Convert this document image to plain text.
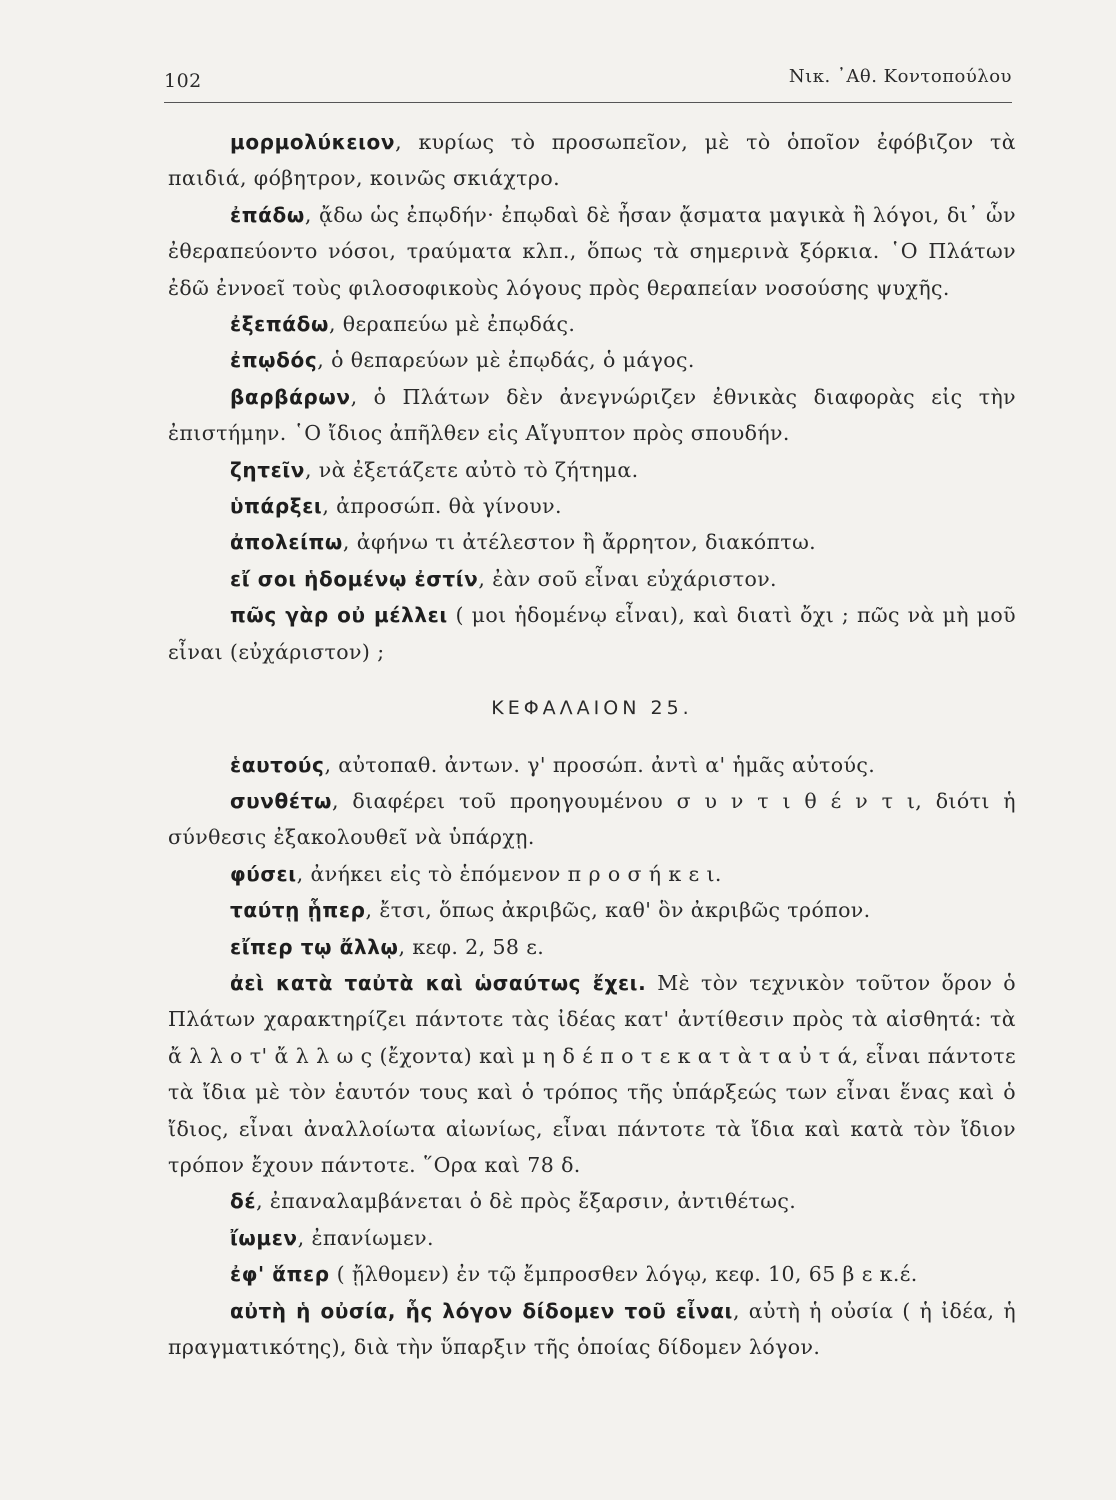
102	Νικ. ᾿Αθ. Κοντοπούλου
μορμολύκειον, κυρίως τὸ προσωπεῖον, μὲ τὸ ὁποῖον ἐφόβιζον τὰ παιδιά, φόβητρον, κοινῶς σκιάχτρο.
ἐπάδω, ᾄδω ὡς ἐπῳδήν· ἐπῳδαὶ δὲ ἦσαν ᾄσματα μαγικὰ ἢ λόγοι, δι᾿ ὧν ἐθεραπεύοντο νόσοι, τραύματα κλπ., ὅπως τὰ σημερινὰ ξόρκια. ῾Ο Πλάτων ἐδῶ ἐννοεῖ τοὺς φιλοσοφικοὺς λόγους πρὸς θεραπείαν νοσούσης ψυχῆς.
ἐξεπάδω, θεραπεύω μὲ ἐπῳδάς.
ἐπῳδός, ὁ θεπαρεύων μὲ ἐπῳδάς, ὁ μάγος.
βαρβάρων, ὁ Πλάτων δὲν ἀνεγνώριζεν ἐθνικὰς διαφορὰς εἰς τὴν ἐπιστήμην. ῾Ο ἴδιος ἀπῆλθεν εἰς Αἴγυπτον πρὸς σπουδήν.
ζητεῖν, νὰ ἐξετάζετε αὐτὸ τὸ ζήτημα.
ὑπάρξει, ἀπροσώπ. θὰ γίνουν.
ἀπολείπω, ἀφήνω τι ἀτέλεστον ἢ ἄρρητον, διακόπτω.
εἴ σοι ἡδομένῳ ἐστίν, ἐὰν σοῦ εἶναι εὐχάριστον.
πῶς γὰρ οὐ μέλλει ( μοι ἡδομένῳ εἶναι), καὶ διατὶ ὄχι ; πῶς νὰ μὴ μοῦ εἶναι (εὐχάριστον) ;
ΚΕΦΑΛΑΙΟΝ 25.
ἑαυτούς, αὐτοπαθ. ἀντων. γ' προσώπ. ἀντὶ α' ἡμᾶς αὐτούς.
συνθέτω, διαφέρει τοῦ προηγουμένου σ υ ν τ ι θ έ ν τ ι, διότι ἡ σύνθεσις ἐξακολουθεῖ νὰ ὑπάρχῃ.
φύσει, ἀνήκει εἰς τὸ ἑπόμενον π ρ ο σ ή κ ε ι.
ταύτῃ ᾗπερ, ἔτσι, ὅπως ἀκριβῶς, καθ' ὃν ἀκριβῶς τρόπον.
εἴπερ τῳ ἄλλῳ, κεφ. 2, 58 ε.
ἀεὶ κατὰ ταὐτὰ καὶ ὡσαύτως ἔχει. Μὲ τὸν τεχνικὸν τοῦτον ὅρον ὁ Πλάτων χαρακτηρίζει πάντοτε τὰς ἰδέας κατ' ἀντίθεσιν πρὸς τὰ αἰσθητά: τὰ ἄ λ λ ο τ' ἄ λ λ ω ς (ἔχοντα) καὶ μ η δ έ π ο τ ε κ α τ ὰ τ α ὐ τ ά, εἶναι πάντοτε τὰ ἴδια μὲ τὸν ἑαυτόν τους καὶ ὁ τρόπος τῆς ὑπάρξεώς των εἶναι ἕνας καὶ ὁ ἴδιος, εἶναι ἀναλλοίωτα αἰωνίως, εἶναι πάντοτε τὰ ἴδια καὶ κατὰ τὸν ἴδιον τρόπον ἔχουν πάντοτε. ῞Ορα καὶ 78 δ.
δέ, ἐπαναλαμβάνεται ὁ δὲ πρὸς ἔξαρσιν, ἀντιθέτως.
ἴωμεν, ἐπανίωμεν.
ἐφ' ἅπερ ( ᾔλθομεν) ἐν τῷ ἔμπροσθεν λόγῳ, κεφ. 10, 65 β ε κ.έ.
αὐτὴ ἡ οὐσία, ἧς λόγον δίδομεν τοῦ εἶναι, αὐτὴ ἡ οὐσία ( ἡ ἰδέα, ἡ πραγματικότης), διὰ τὴν ὕπαρξιν τῆς ὁποίας δίδομεν λόγον.
